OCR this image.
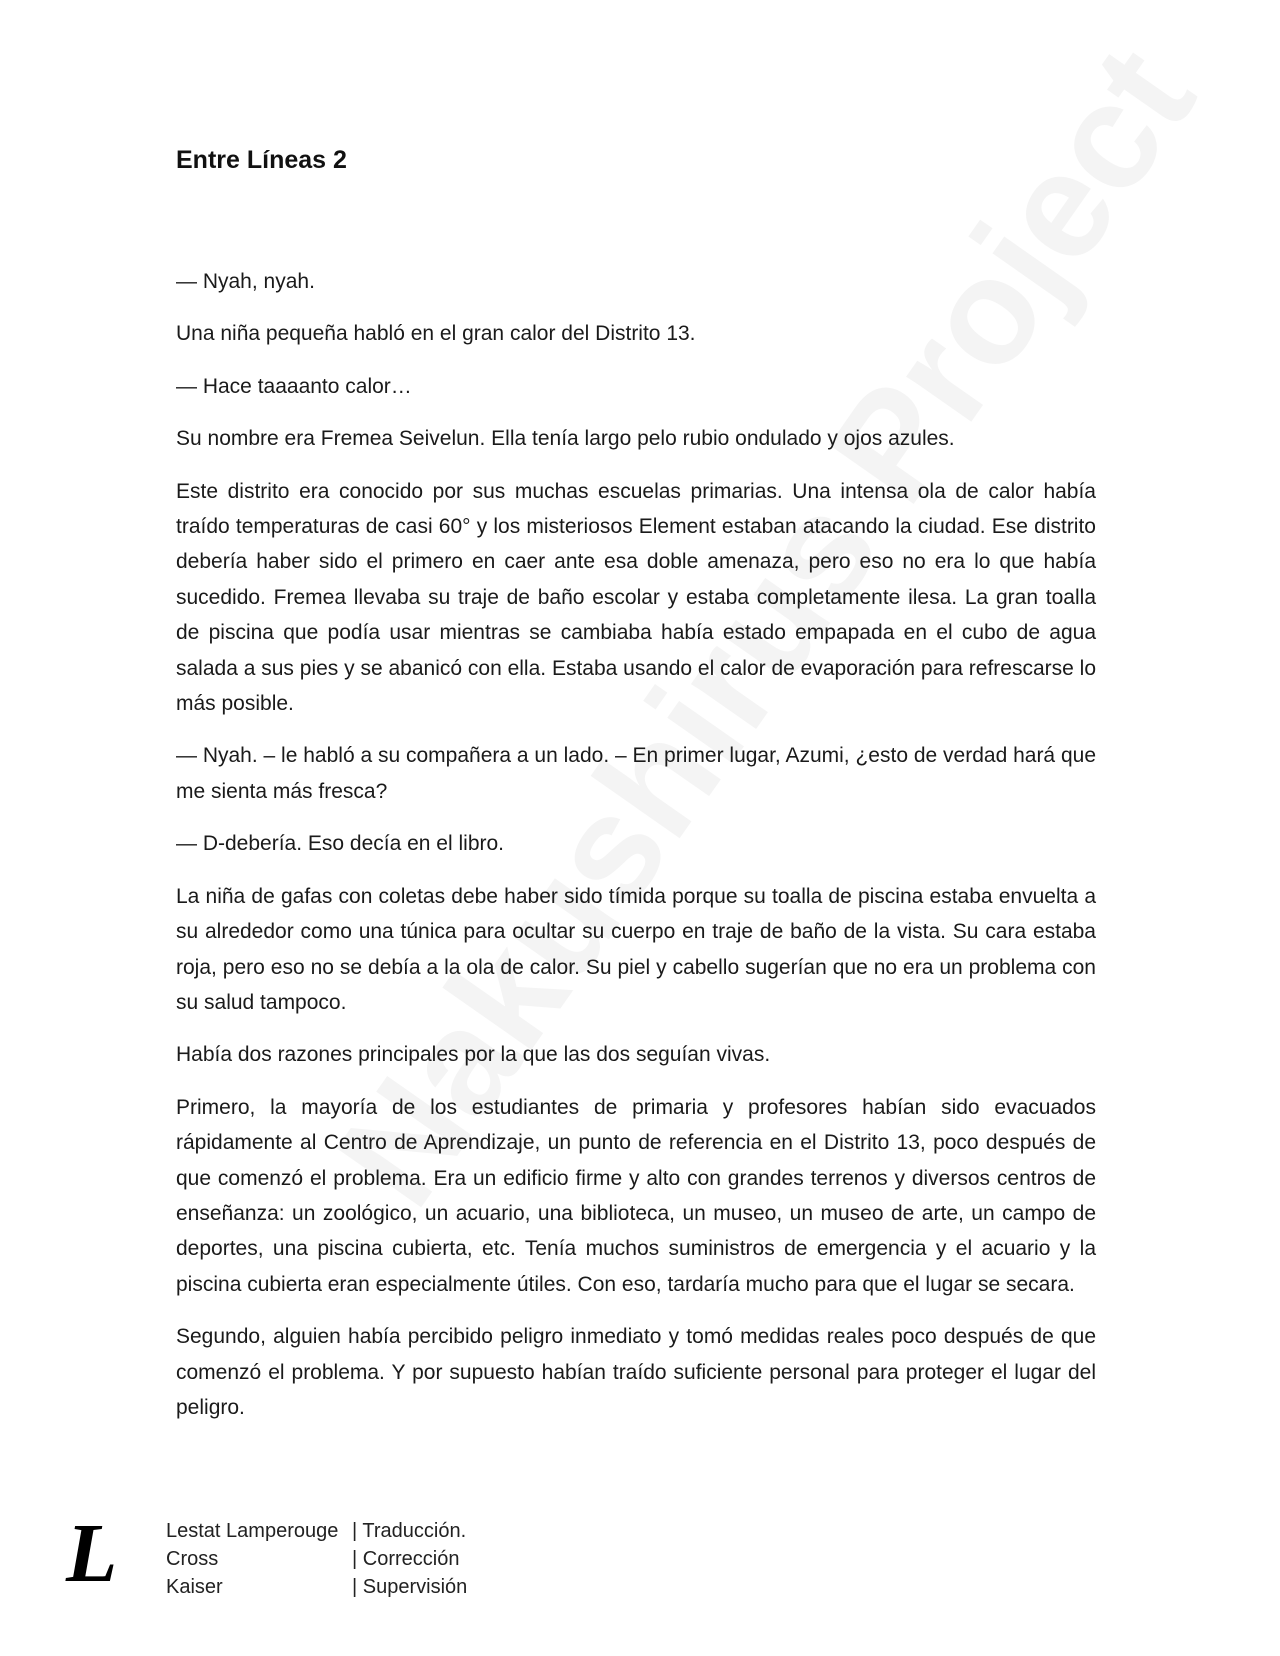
Entre Líneas 2

— Nyah, nyah.

Una niña pequeña habló en el gran calor del Distrito 13.

— Hace taaaanto calor…

Su nombre era Fremea Seivelun. Ella tenía largo pelo rubio ondulado y ojos azules.

Este distrito era conocido por sus muchas escuelas primarias. Una intensa ola de calor había traído temperaturas de casi 60° y los misteriosos Element estaban atacando la ciudad. Ese distrito debería haber sido el primero en caer ante esa doble amenaza, pero eso no era lo que había sucedido. Fremea llevaba su traje de baño escolar y estaba completamente ilesa. La gran toalla de piscina que podía usar mientras se cambiaba había estado empapada en el cubo de agua salada a sus pies y se abanicó con ella. Estaba usando el calor de evaporación para refrescarse lo más posible.

— Nyah. – le habló a su compañera a un lado. – En primer lugar, Azumi, ¿esto de verdad hará que me sienta más fresca?

— D-debería. Eso decía en el libro.

La niña de gafas con coletas debe haber sido tímida porque su toalla de piscina estaba envuelta a su alrededor como una túnica para ocultar su cuerpo en traje de baño de la vista. Su cara estaba roja, pero eso no se debía a la ola de calor. Su piel y cabello sugerían que no era un problema con su salud tampoco.

Había dos razones principales por la que las dos seguían vivas.

Primero, la mayoría de los estudiantes de primaria y profesores habían sido evacuados rápidamente al Centro de Aprendizaje, un punto de referencia en el Distrito 13, poco después de que comenzó el problema. Era un edificio firme y alto con grandes terrenos y diversos centros de enseñanza: un zoológico, un acuario, una biblioteca, un museo, un museo de arte, un campo de deportes, una piscina cubierta, etc. Tenía muchos suministros de emergencia y el acuario y la piscina cubierta eran especialmente útiles. Con eso, tardaría mucho para que el lugar se secara.

Segundo, alguien había percibido peligro inmediato y tomó medidas reales poco después de que comenzó el problema. Y por supuesto habían traído suficiente personal para proteger el lugar del peligro.

L	Lestat Lamperouge	| Traducción.
Cross	| Corrección
Kaiser	| Supervisión
